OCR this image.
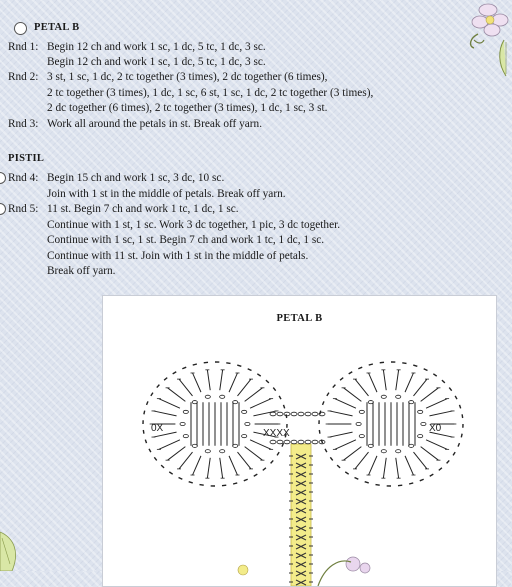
PETAL B
Rnd 1: Begin 12 ch and work 1 sc, 1 dc, 5 tc, 1 dc, 3 sc.
Begin 12 ch and work 1 sc, 1 dc, 5 tc, 1 dc, 3 sc.
Rnd 2: 3 st, 1 sc, 1 dc, 2 tc together (3 times), 2 dc together (6 times),
2 tc together (3 times), 1 dc, 1 sc, 6 st, 1 sc, 1 dc, 2 tc together (3 times),
2 dc together (6 times), 2 tc together (3 times), 1 dc, 1 sc, 3 st.
Rnd 3: Work all around the petals in st. Break off yarn.
PISTIL
Rnd 4: Begin 15 ch and work 1 sc, 3 dc, 10 sc.
Join with 1 st in the middle of petals. Break off yarn.
Rnd 5: 11 st. Begin 7 ch and work 1 tc, 1 dc, 1 sc.
Continue with 1 st, 1 sc. Work 3 dc together, 1 pic, 3 dc together.
Continue with 1 sc, 1 st. Begin 7 ch and work 1 tc, 1 dc, 1 sc.
Continue with 11 st. Join with 1 st in the middle of petals.
Break off yarn.
PETAL B
0X	X0
XXXX
